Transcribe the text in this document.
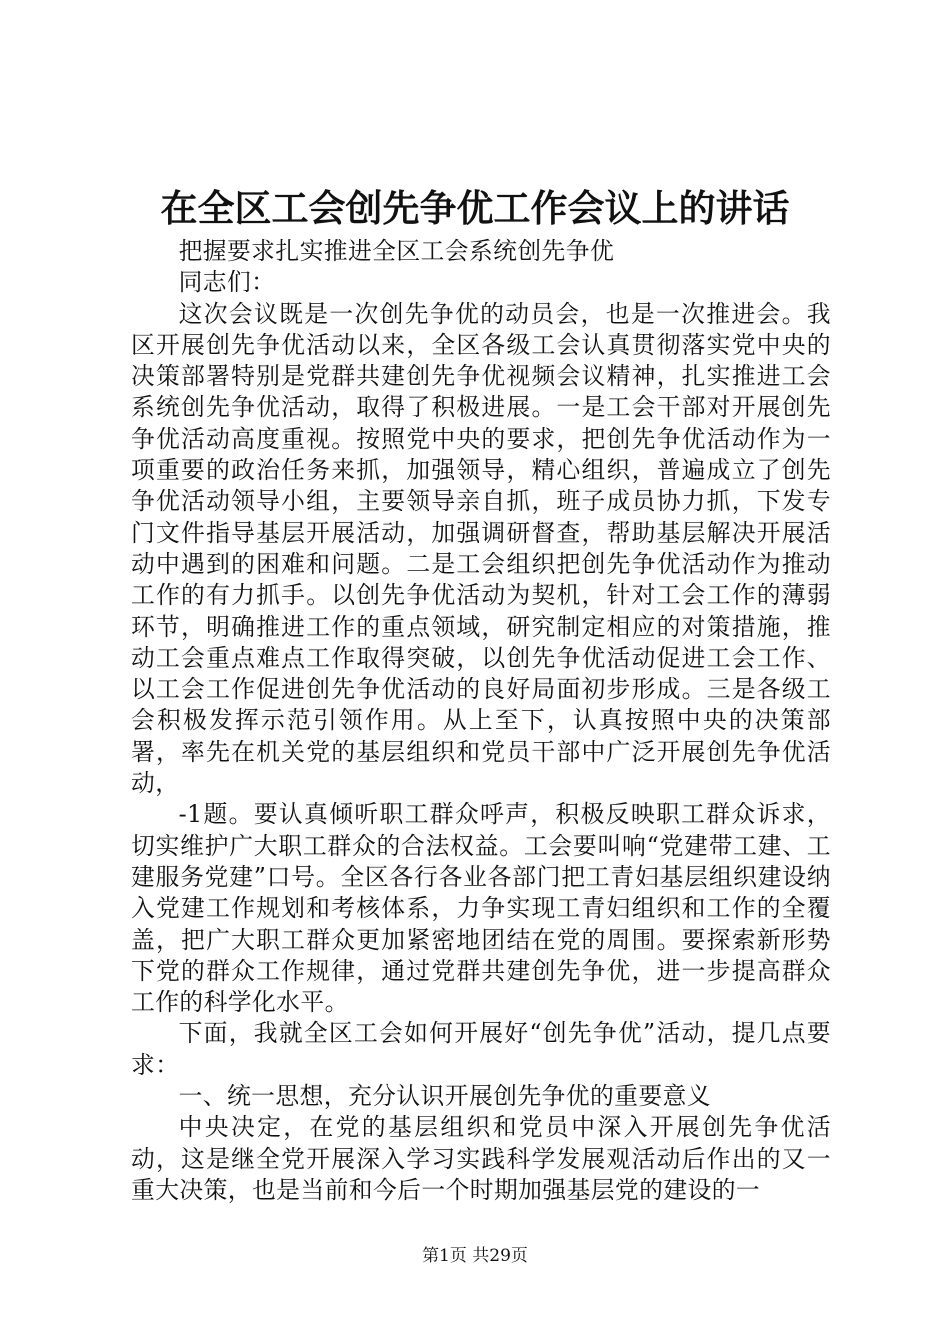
在全区工会创先争优工作会议上的讲话

把握要求扎实推进全区工会系统创先争优

同志们：

这次会议既是一次创先争优的动员会，也是一次推进会。我区开展创先争优活动以来，全区各级工会认真贯彻落实党中央的决策部署特别是党群共建创先争优视频会议精神，扎实推进工会系统创先争优活动，取得了积极进展。一是工会干部对开展创先争优活动高度重视。按照党中央的要求，把创先争优活动作为一项重要的政治任务来抓，加强领导，精心组织，普遍成立了创先争优活动领导小组，主要领导亲自抓，班子成员协力抓，下发专门文件指导基层开展活动，加强调研督查，帮助基层解决开展活动中遇到的困难和问题。二是工会组织把创先争优活动作为推动工作的有力抓手。以创先争优活动为契机，针对工会工作的薄弱环节，明确推进工作的重点领域，研究制定相应的对策措施，推动工会重点难点工作取得突破，以创先争优活动促进工会工作、以工会工作促进创先争优活动的良好局面初步形成。三是各级工会积极发挥示范引领作用。从上至下，认真按照中央的决策部署，率先在机关党的基层组织和党员干部中广泛开展创先争优活动，

-1题。要认真倾听职工群众呼声，积极反映职工群众诉求，切实维护广大职工群众的合法权益。工会要叫响“党建带工建、工建服务党建”口号。全区各行各业各部门把工青妇基层组织建设纳入党建工作规划和考核体系，力争实现工青妇组织和工作的全覆盖，把广大职工群众更加紧密地团结在党的周围。要探索新形势下党的群众工作规律，通过党群共建创先争优，进一步提高群众工作的科学化水平。

下面，我就全区工会如何开展好“创先争优”活动，提几点要求：

一、统一思想，充分认识开展创先争优的重要意义

中央决定，在党的基层组织和党员中深入开展创先争优活动，这是继全党开展深入学习实践科学发展观活动后作出的又一重大决策，也是当前和今后一个时期加强基层党的建设的一

第1页 共29页
